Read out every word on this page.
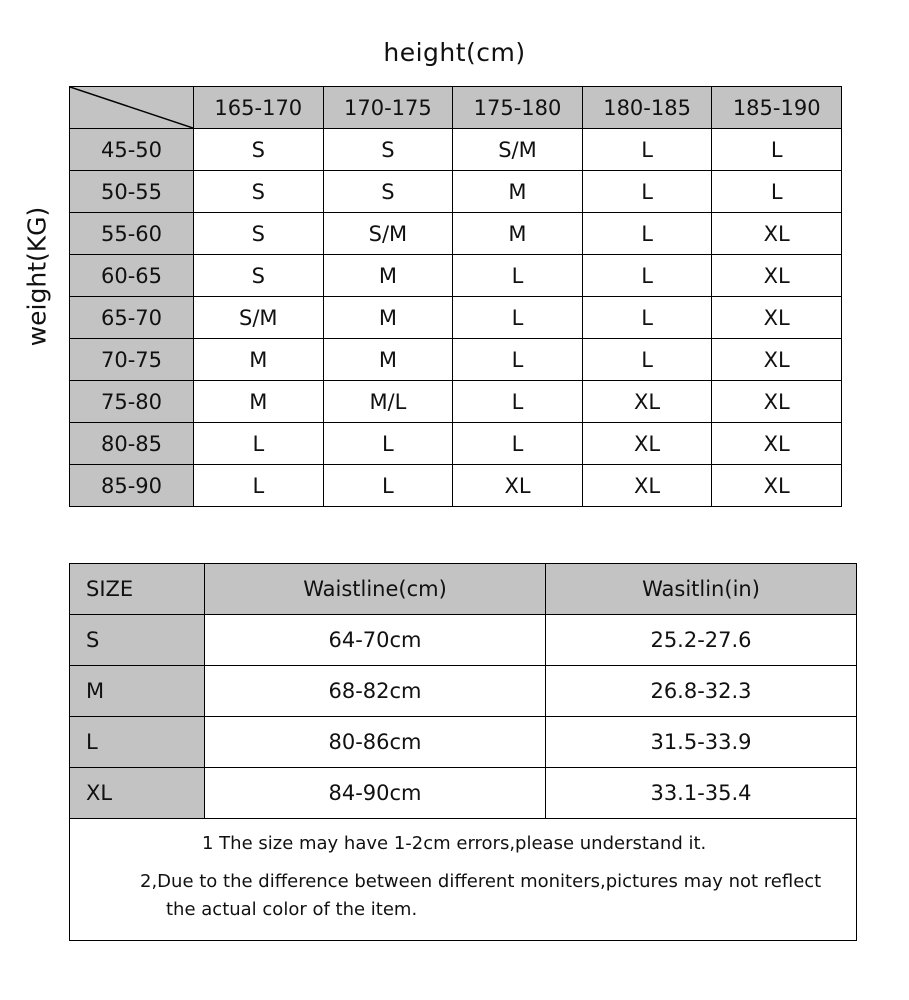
height(cm)
weight(KG)
	165-170	170-175	175-180	180-185	185-190
45-50	S	S	S/M	L	L
50-55	S	S	M	L	L
55-60	S	S/M	M	L	XL
60-65	S	M	L	L	XL
65-70	S/M	M	L	L	XL
70-75	M	M	L	L	XL
75-80	M	M/L	L	XL	XL
80-85	L	L	L	XL	XL
85-90	L	L	XL	XL	XL
SIZE	Waistline(cm)	Wasitlin(in)
S	64-70cm	25.2-27.6
M	68-82cm	26.8-32.3
L	80-86cm	31.5-33.9
XL	84-90cm	33.1-35.4
1 The size may have 1-2cm errors,please understand it.
2,Due to the difference between different moniters,pictures may not reflect
the actual color of the item.
